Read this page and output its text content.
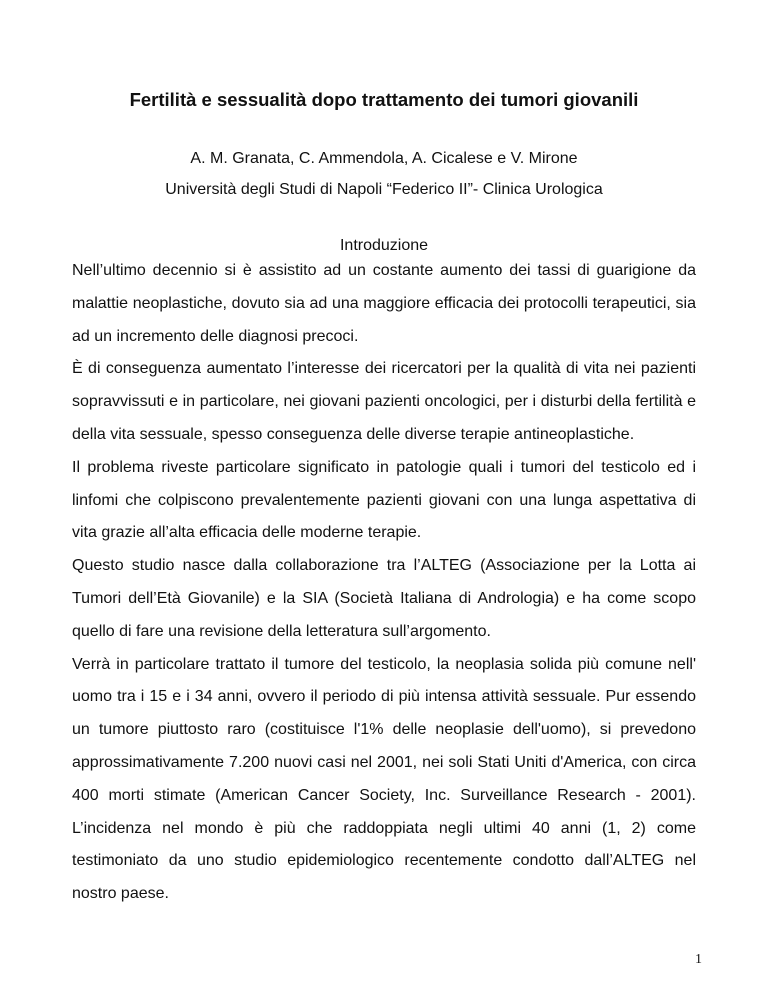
Fertilità e sessualità dopo trattamento dei tumori giovanili
A. M. Granata, C. Ammendola, A. Cicalese e V. Mirone
Università degli Studi di Napoli “Federico II”- Clinica Urologica
Introduzione

Nell’ultimo decennio si è assistito ad un costante aumento dei tassi di guarigione da malattie neoplastiche, dovuto sia ad una maggiore efficacia dei protocolli terapeutici, sia ad un incremento delle diagnosi precoci.

È di conseguenza aumentato l’interesse dei ricercatori per la qualità di vita nei pazienti sopravvissuti e in particolare, nei giovani pazienti oncologici, per i disturbi della fertilità e della vita sessuale, spesso conseguenza delle diverse terapie antineoplastiche.

Il problema riveste particolare significato in patologie quali i tumori del testicolo ed i linfomi che colpiscono prevalentemente pazienti giovani con una lunga aspettativa di vita grazie all’alta efficacia delle moderne terapie.

Questo studio nasce dalla collaborazione tra l’ALTEG (Associazione per la Lotta ai Tumori dell’Età Giovanile) e la SIA (Società Italiana di Andrologia) e ha come scopo quello di fare una revisione della letteratura sull’argomento.

Verrà in particolare trattato il tumore del testicolo, la neoplasia solida più comune nell' uomo tra i 15 e i 34 anni, ovvero il periodo di più intensa attività sessuale. Pur essendo un tumore piuttosto raro (costituisce l'1% delle neoplasie dell'uomo), si prevedono approssimativamente 7.200 nuovi casi nel 2001, nei soli Stati Uniti d'America, con circa 400 morti stimate (American Cancer Society, Inc. Surveillance Research - 2001). L’incidenza nel mondo è più che raddoppiata negli ultimi 40 anni (1, 2) come testimoniato da uno studio epidemiologico recentemente condotto dall’ALTEG nel nostro paese.

1
